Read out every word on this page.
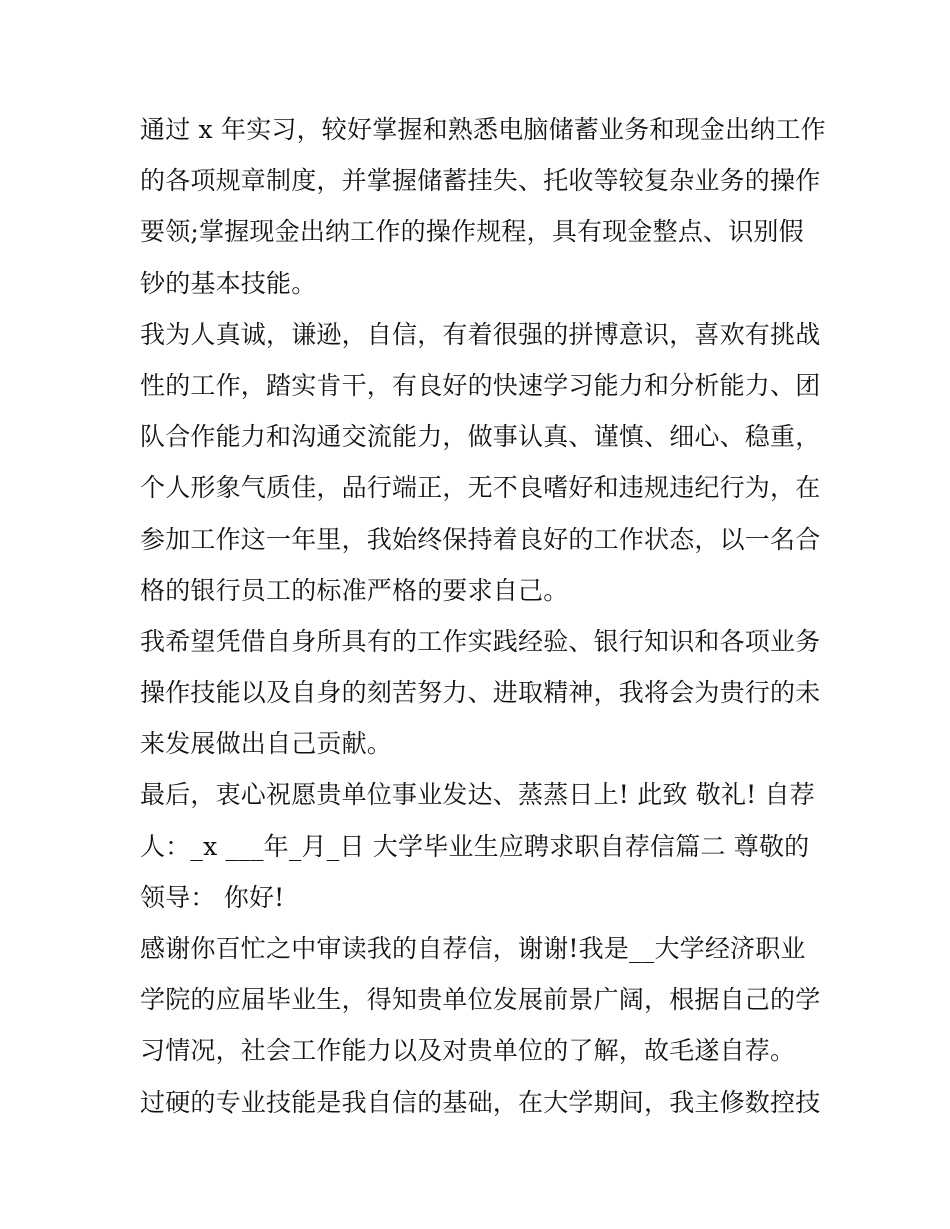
通过 x 年实习，较好掌握和熟悉电脑储蓄业务和现金出纳工作
的各项规章制度，并掌握储蓄挂失、托收等较复杂业务的操作
要领;掌握现金出纳工作的操作规程，具有现金整点、识别假
钞的基本技能。
我为人真诚，谦逊，自信，有着很强的拼博意识，喜欢有挑战
性的工作，踏实肯干，有良好的快速学习能力和分析能力、团
队合作能力和沟通交流能力，做事认真、谨慎、细心、稳重，
个人形象气质佳，品行端正，无不良嗜好和违规违纪行为，在
参加工作这一年里，我始终保持着良好的工作状态，以一名合
格的银行员工的标准严格的要求自己。
我希望凭借自身所具有的工作实践经验、银行知识和各项业务
操作技能以及自身的刻苦努力、进取精神，我将会为贵行的未
来发展做出自己贡献。
最后，衷心祝愿贵单位事业发达、蒸蒸日上! 此致 敬礼! 自荐
人：_x ___年_月_日 大学毕业生应聘求职自荐信篇二 尊敬的
领导： 你好!
感谢你百忙之中审读我的自荐信，谢谢!我是__大学经济职业
学院的应届毕业生，得知贵单位发展前景广阔，根据自己的学
习情况，社会工作能力以及对贵单位的了解，故毛遂自荐。
过硬的专业技能是我自信的基础，在大学期间，我主修数控技
